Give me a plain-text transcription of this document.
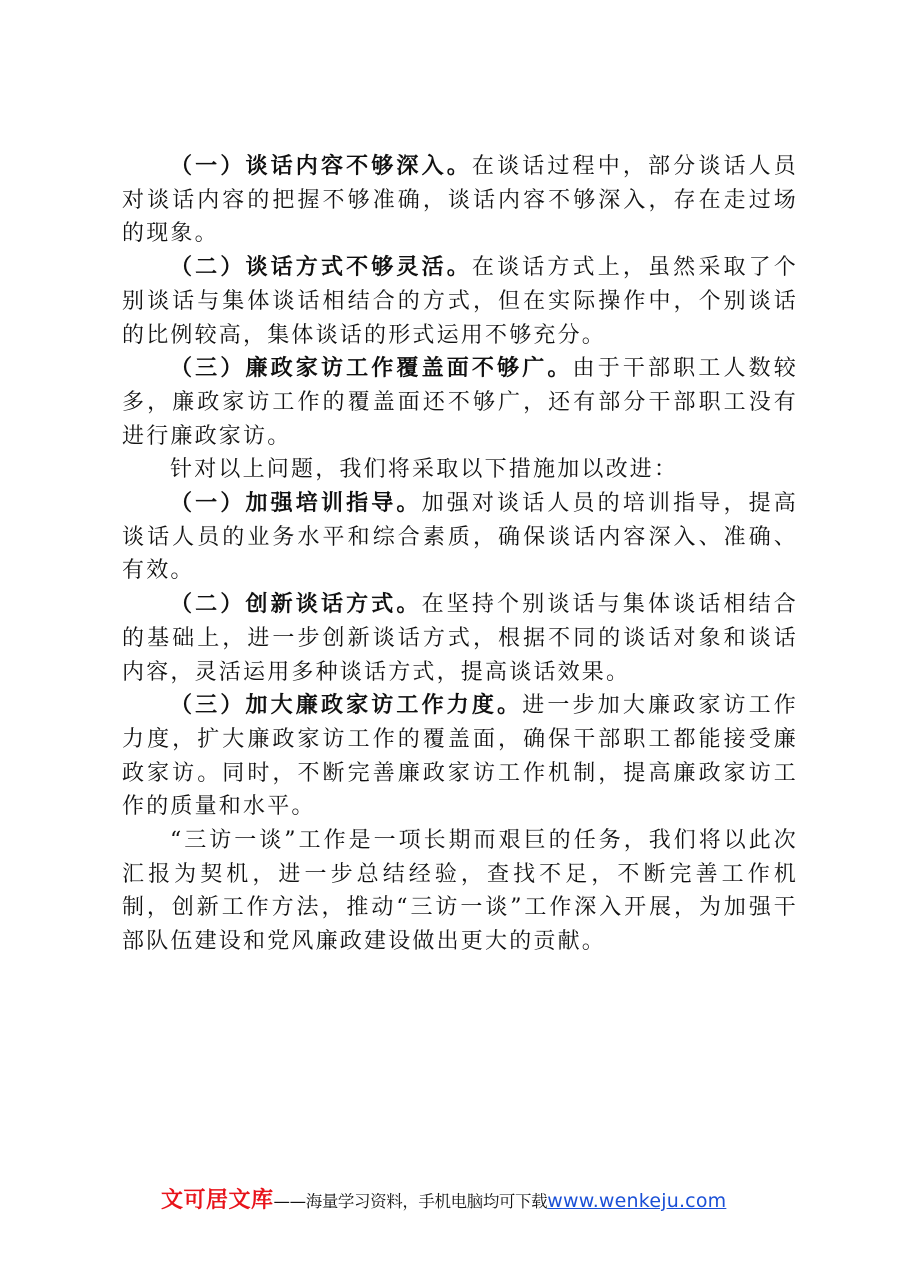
（一）谈话内容不够深入。在谈话过程中，部分谈话人员对谈话内容的把握不够准确，谈话内容不够深入，存在走过场的现象。

（二）谈话方式不够灵活。在谈话方式上，虽然采取了个别谈话与集体谈话相结合的方式，但在实际操作中，个别谈话的比例较高，集体谈话的形式运用不够充分。

（三）廉政家访工作覆盖面不够广。由于干部职工人数较多，廉政家访工作的覆盖面还不够广，还有部分干部职工没有进行廉政家访。

针对以上问题，我们将采取以下措施加以改进：

（一）加强培训指导。加强对谈话人员的培训指导，提高谈话人员的业务水平和综合素质，确保谈话内容深入、准确、有效。

（二）创新谈话方式。在坚持个别谈话与集体谈话相结合的基础上，进一步创新谈话方式，根据不同的谈话对象和谈话内容，灵活运用多种谈话方式，提高谈话效果。

（三）加大廉政家访工作力度。进一步加大廉政家访工作力度，扩大廉政家访工作的覆盖面，确保干部职工都能接受廉政家访。同时，不断完善廉政家访工作机制，提高廉政家访工作的质量和水平。

“三访一谈”工作是一项长期而艰巨的任务，我们将以此次汇报为契机，进一步总结经验，查找不足，不断完善工作机制，创新工作方法，推动“三访一谈”工作深入开展，为加强干部队伍建设和党风廉政建设做出更大的贡献。

文可居文库——海量学习资料，手机电脑均可下载www.wenkeju.com
